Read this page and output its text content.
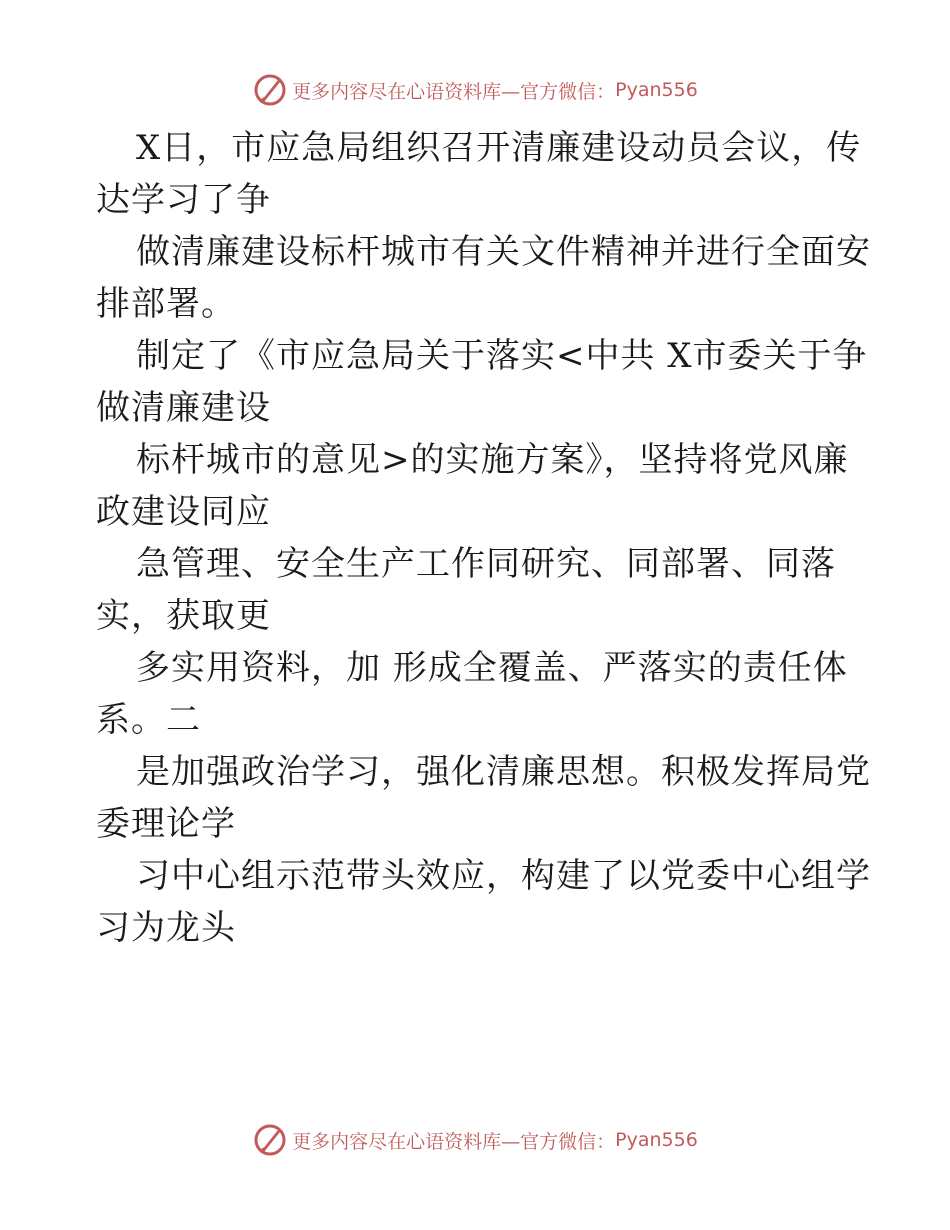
更多内容尽在心语资料库—官方微信： Pyan556
X日，市应急局组织召开清廉建设动员会议，传
达学习了争
做清廉建设标杆城市有关文件精神并进行全面安
排部署。
制定了《市应急局关于落实<中共 X市委关于争
做清廉建设
标杆城市的意见>的实施方案》，坚持将党风廉
政建设同应
急管理、安全生产工作同研究、同部署、同落
实，获取更
多实用资料，加 形成全覆盖、严落实的责任体
系。二
是加强政治学习，强化清廉思想。积极发挥局党
委理论学
习中心组示范带头效应，构建了以党委中心组学
习为龙头
更多内容尽在心语资料库—官方微信： Pyan556
